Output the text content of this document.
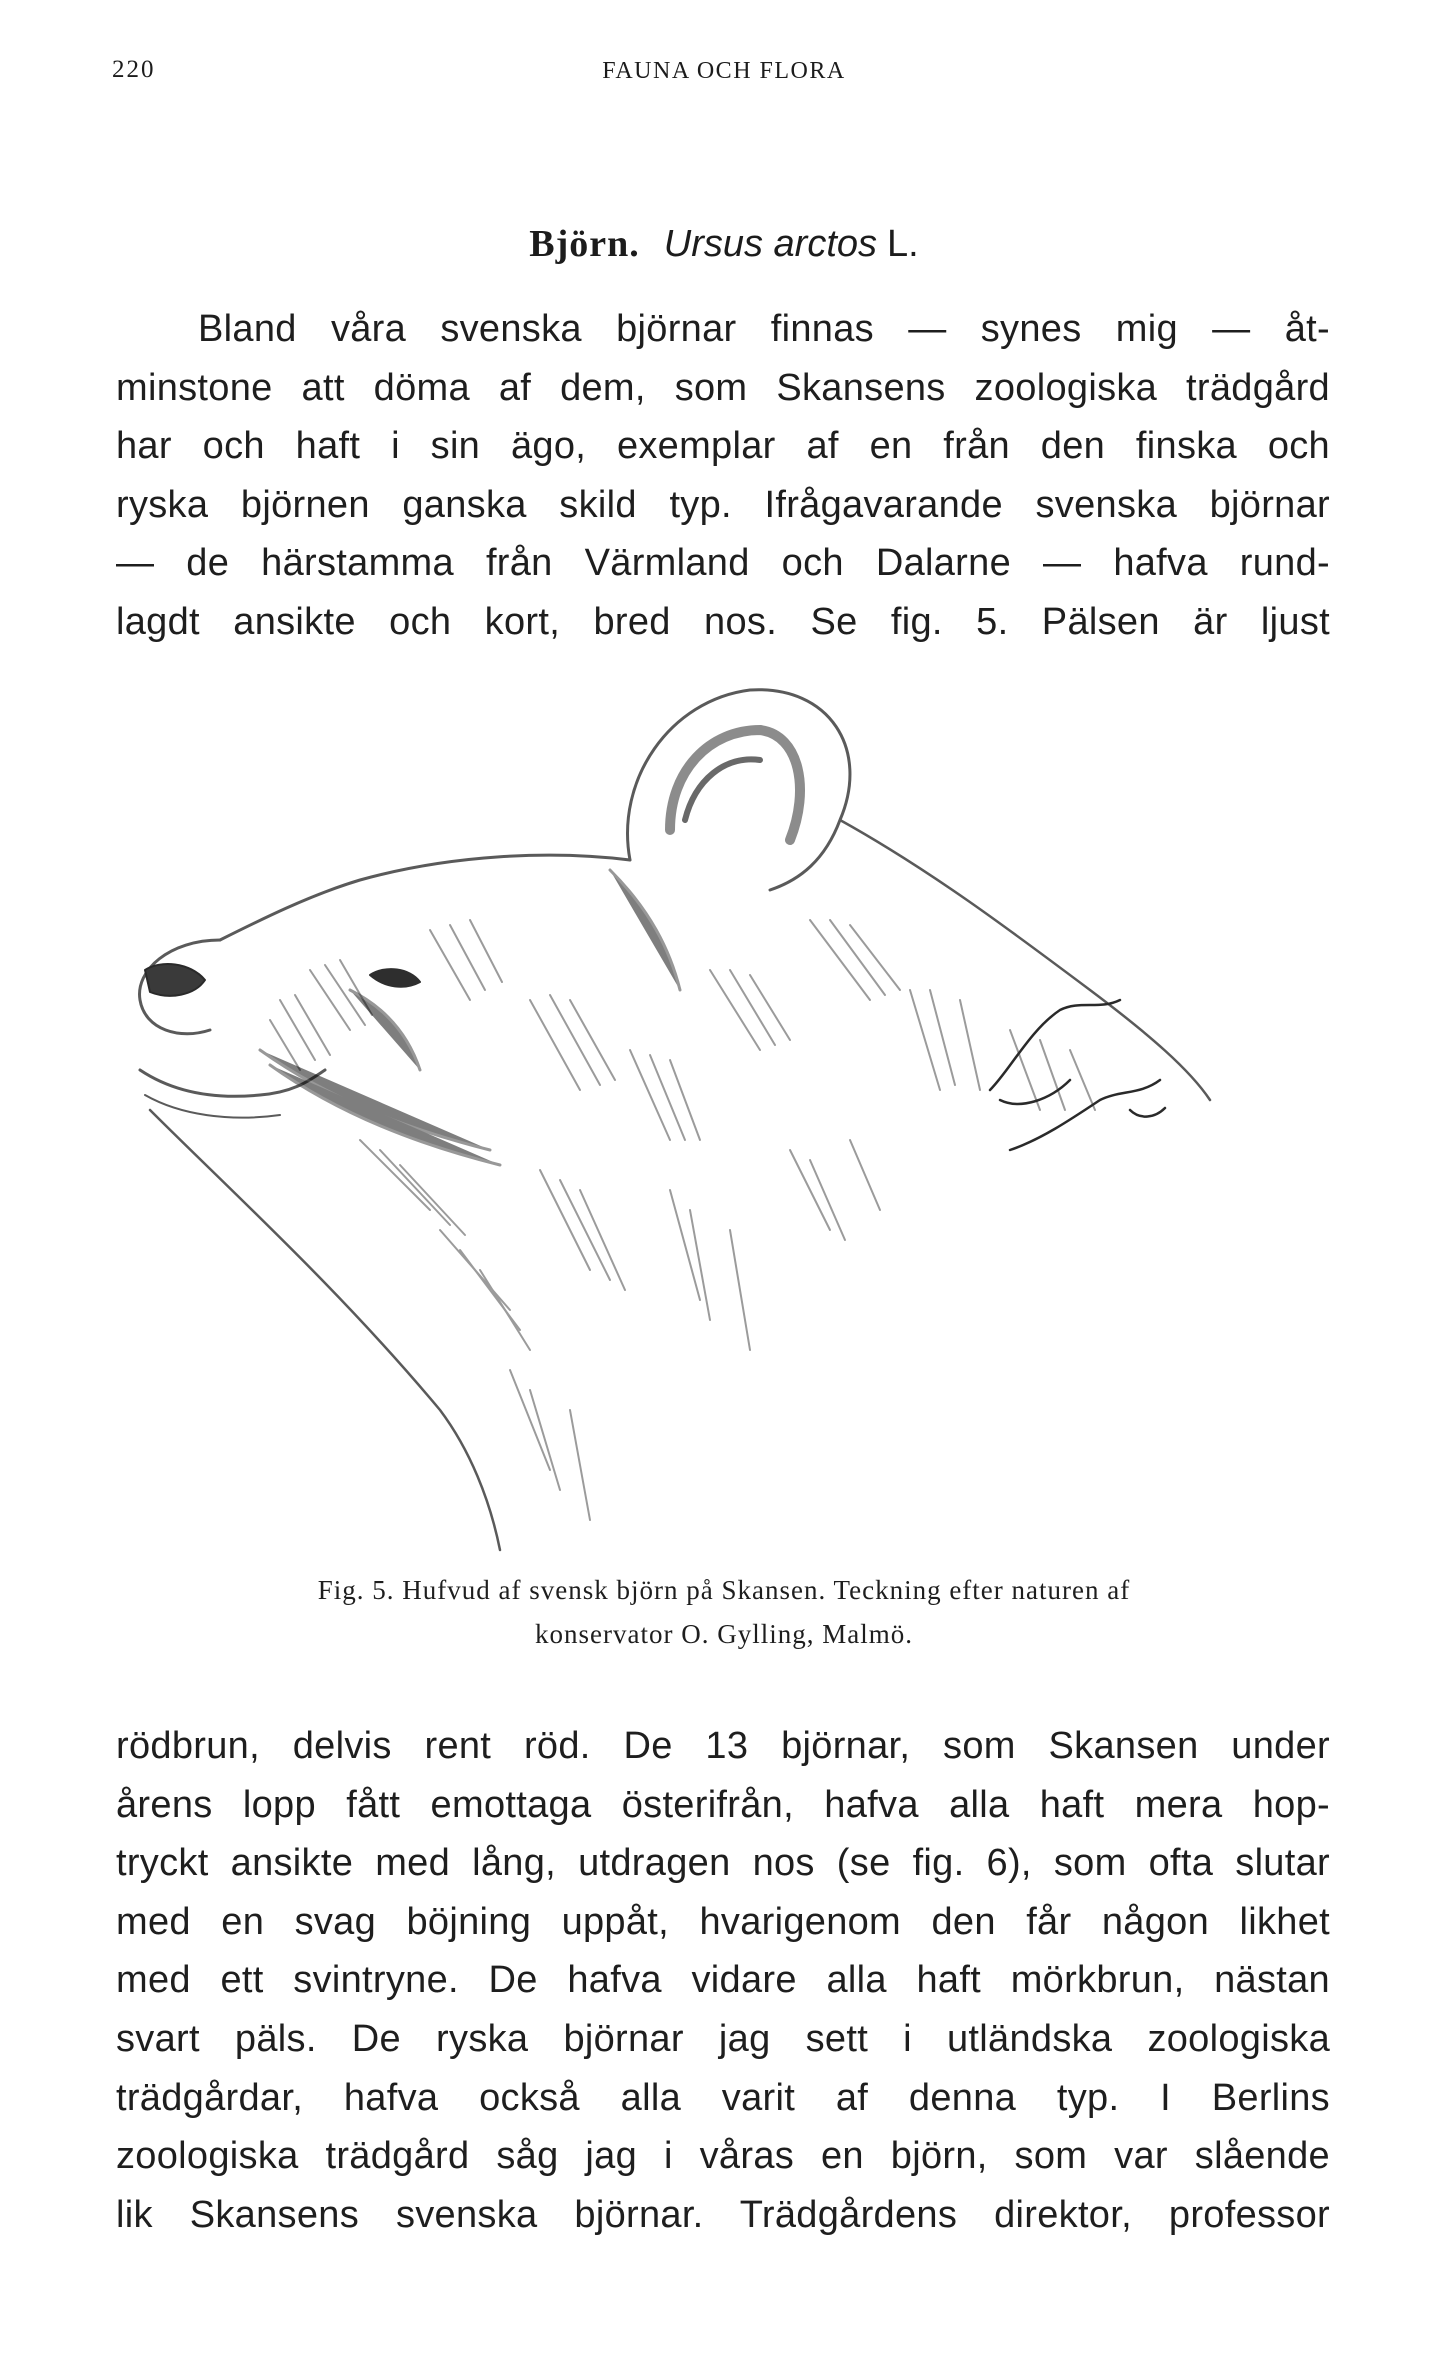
220	FAUNA OCH FLORA
Björn. Ursus arctos L.
Bland våra svenska björnar finnas — synes mig — åt-
minstone att döma af dem, som Skansens zoologiska trädgård
har och haft i sin ägo, exemplar af en från den finska och
ryska björnen ganska skild typ. Ifrågavarande svenska björnar
— de härstamma från Värmland och Dalarne — hafva rund-
lagdt ansikte och kort, bred nos. Se fig. 5. Pälsen är ljust
Fig. 5. Hufvud af svensk björn på Skansen. Teckning efter naturen af
konservator O. Gylling, Malmö.
rödbrun, delvis rent röd. De 13 björnar, som Skansen under
årens lopp fått emottaga österifrån, hafva alla haft mera hop-
tryckt ansikte med lång, utdragen nos (se fig. 6), som ofta slutar
med en svag böjning uppåt, hvarigenom den får någon likhet
med ett svintryne. De hafva vidare alla haft mörkbrun, nästan
svart päls. De ryska björnar jag sett i utländska zoologiska
trädgårdar, hafva också alla varit af denna typ. I Berlins
zoologiska trädgård såg jag i våras en björn, som var slående
lik Skansens svenska björnar. Trädgårdens direktor, professor
